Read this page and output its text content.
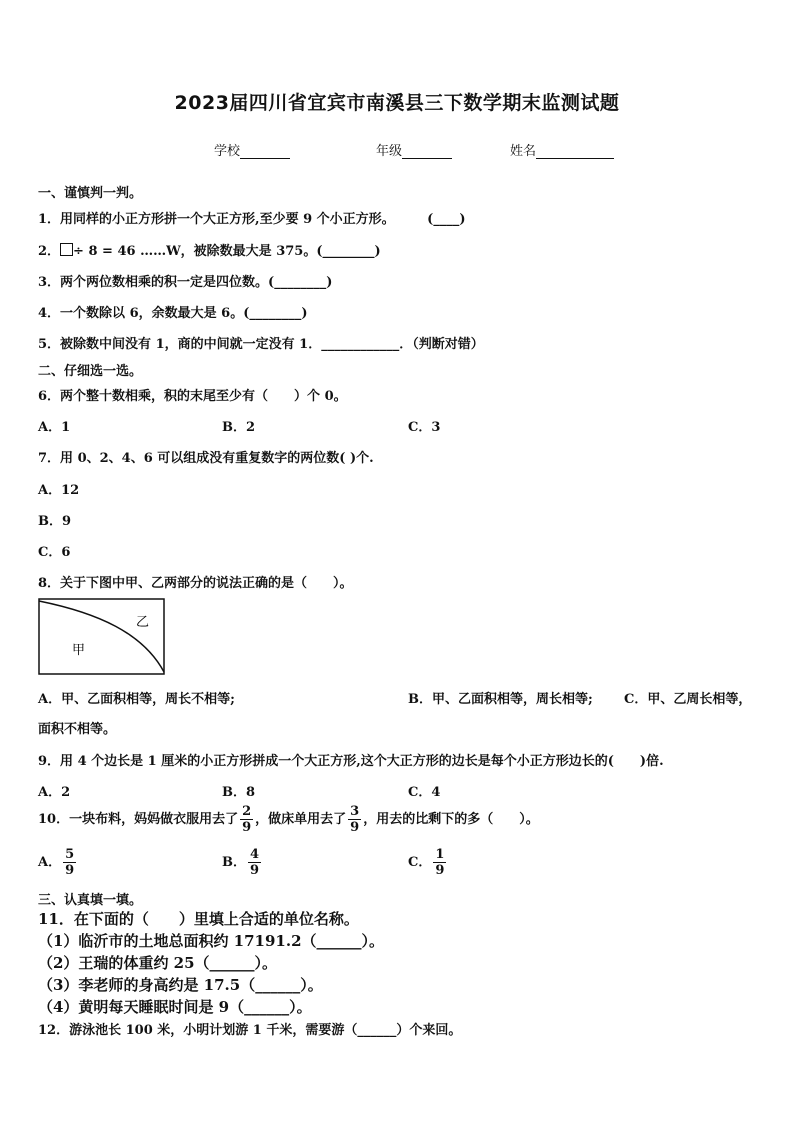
2023届四川省宜宾市南溪县三下数学期末监测试题
学校	年级	姓名
一、谨慎判一判。
1．用同样的小正方形拼一个大正方形,至少要 9 个小正方形。　　　(____)
2． ÷ 8 = 46 ……W，被除数最大是 375。(________)
3．两个两位数相乘的积一定是四位数。(________)
4．一个数除以 6，余数最大是 6。(________)
5．被除数中间没有 1，商的中间就一定没有 1．____________．（判断对错）
二、仔细选一选。
6．两个整十数相乘，积的末尾至少有（　　）个 0。
A．1	B．2	C．3
7．用 0、2、4、6 可以组成没有重复数字的两位数( )个.
A．12
B．9
C．6
8．关于下图中甲、乙两部分的说法正确的是（　　）。
甲
乙
A．甲、乙面积相等，周长不相等;	B．甲、乙面积相等，周长相等; C．甲、乙周长相等，
面积不相等。
9．用 4 个边长是 1 厘米的小正方形拼成一个大正方形,这个大正方形的边长是每个小正方形边长的(　　)倍.
A．2	B．8	C．4
10．一块布料，妈妈做衣服用去了 $\frac{2}{9}$ ，做床单用去了 $\frac{3}{9}$ ，用去的比剩下的多（　　）。
A． $\frac{5}{9}$	B． $\frac{4}{9}$	C． $\frac{1}{9}$
三、认真填一填。
11．在下面的（　　）里填上合适的单位名称。
（1）临沂市的土地总面积约 17191.2（______）。
（2）王瑞的体重约 25（______）。
（3）李老师的身高约是 17.5（______）。
（4）黄明每天睡眠时间是 9（______）。
12．游泳池长 100 米，小明计划游 1 千米，需要游（______）个来回。
